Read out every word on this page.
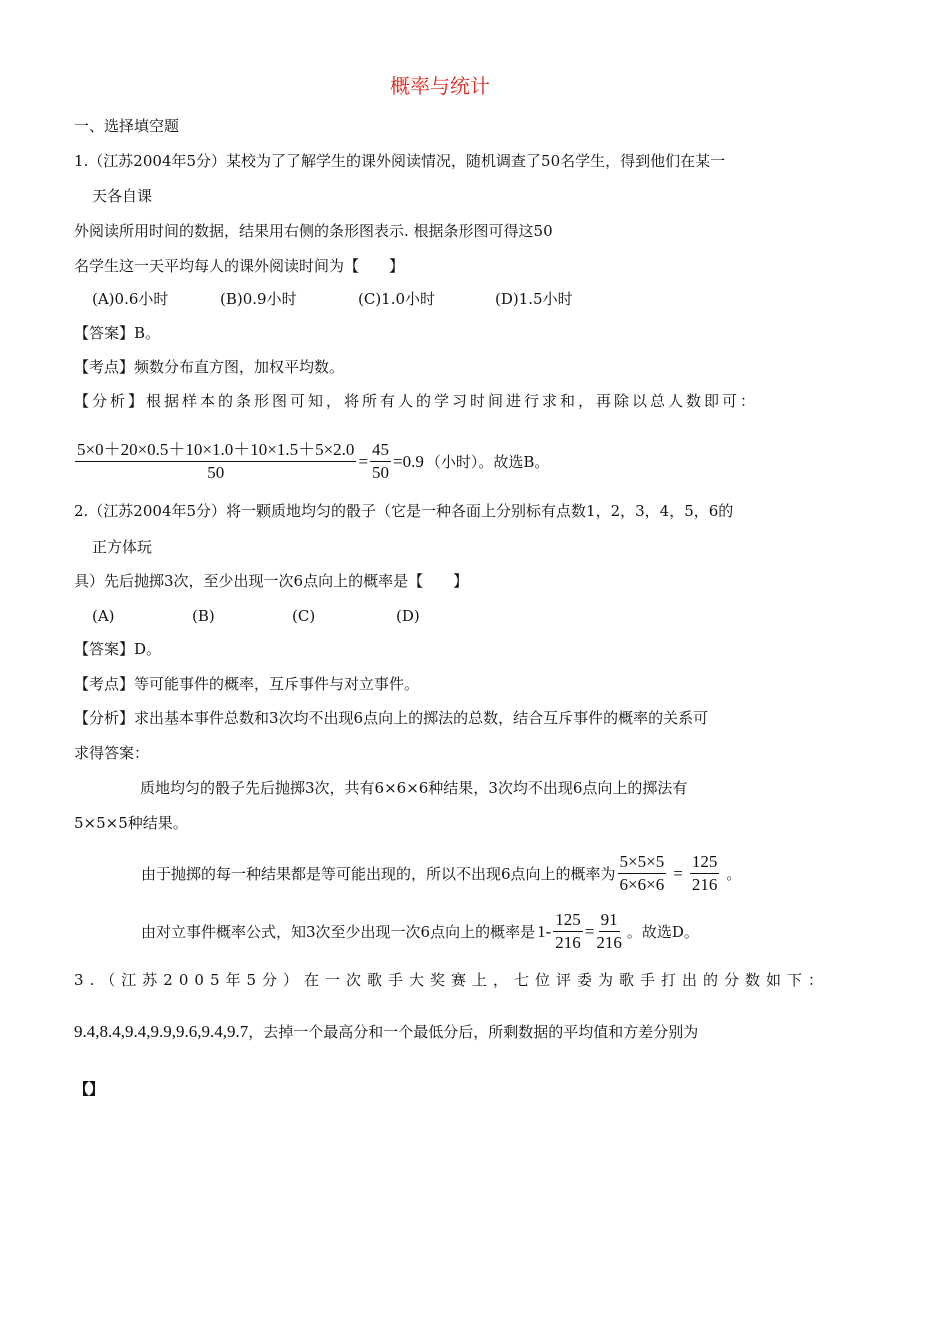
概率与统计
一、选择填空题
1.（江苏2004年5分）某校为了了解学生的课外阅读情况，随机调查了50名学生，得到他们在某一
天各自课
外阅读所用时间的数据，结果用右侧的条形图表示. 根据条形图可得这50
名学生这一天平均每人的课外阅读时间为【　　】
(A)0.6小时	(B)0.9小时	(C)1.0小时	(D)1.5小时
【答案】B。
【考点】频数分布直方图，加权平均数。
【分析】根据样本的条形图可知，将所有人的学习时间进行求和，再除以总人数即可：
$\frac{5\times 0+20\times 0.5+10\times 1.0+10\times 1.5+5\times 2.0}{50} = \frac{45}{50} =0.9$ （小时）。故选B。
2.（江苏2004年5分）将一颗质地均匀的骰子（它是一种各面上分别标有点数1，2，3，4，5，6的
正方体玩
具）先后抛掷3次，至少出现一次6点向上的概率是【　　】
(A)	(B)	(C)	(D)
【答案】D。
【考点】等可能事件的概率，互斥事件与对立事件。
【分析】求出基本事件总数和3次均不出现6点向上的掷法的总数，结合互斥事件的概率的关系可
求得答案：
质地均匀的骰子先后抛掷3次，共有6×6×6种结果，3次均不出现6点向上的掷法有
5×5×5种结果。
由于抛掷的每一种结果都是等可能出现的，所以不出现6点向上的概率为 $\frac{5\times 5\times 5}{6\times 6\times 6} = \frac{125}{216}$ 。
由对立事件概率公式，知3次至少出现一次6点向上的概率是 $1- \frac{125}{216} = \frac{91}{216}$ 。故选D。
3.（江苏2005年5分）在一次歌手大奖赛上，七位评委为歌手打出的分数如下：
9.4,8.4,9.4,9.9,9.6,9.4,9.7，去掉一个最高分和一个最低分后，所剩数据的平均值和方差分别为
【】
